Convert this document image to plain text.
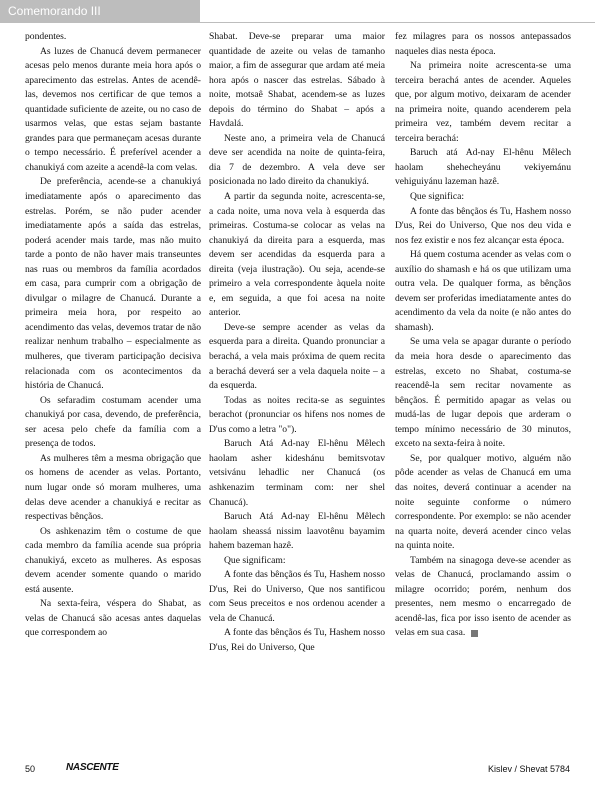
Comemorando III

pondentes.

As luzes de Chanucá devem permanecer acesas pelo menos durante meia hora após o aparecimento das estrelas. Antes de acendê-las, devemos nos certificar de que temos a quantidade suficiente de azeite, ou no caso de usarmos velas, que estas sejam bastante grandes para que permaneçam acesas durante o tempo necessário. É preferível acender a chanukiyá com azeite a acendê-la com velas.

De preferência, acende-se a chanukiyá imediatamente após o aparecimento das estrelas. Porém, se não puder acender imediatamente após a saída das estrelas, poderá acender mais tarde, mas não muito tarde a ponto de não haver mais transeuntes nas ruas ou membros da família acordados em casa, para cumprir com a obrigação de divulgar o milagre de Chanucá. Durante a primeira meia hora, por respeito ao acendimento das velas, devemos tratar de não realizar nenhum trabalho – especialmente as mulheres, que tiveram participação decisiva relacionada com os acontecimentos da história de Chanucá.

Os sefaradim costumam acender uma chanukiyá por casa, devendo, de preferência, ser acesa pelo chefe da família com a presença de todos.

As mulheres têm a mesma obrigação que os homens de acender as velas. Portanto, num lugar onde só moram mulheres, uma delas deve acender a chanukiyá e recitar as respectivas bênçãos.

Os ashkenazim têm o costume de que cada membro da família acende sua própria chanukiyá, exceto as mulheres. As esposas devem acender somente quando o marido está ausente.

Na sexta-feira, véspera do Shabat, as velas de Chanucá são acesas antes daquelas que correspondem ao

Shabat. Deve-se preparar uma maior quantidade de azeite ou velas de tamanho maior, a fim de assegurar que ardam até meia hora após o nascer das estrelas. Sábado à noite, motsaê Shabat, acendem-se as luzes depois do término do Shabat – após a Havdalá.

Neste ano, a primeira vela de Chanucá deve ser acendida na noite de quinta-feira, dia 7 de dezembro. A vela deve ser posicionada no lado direito da chanukiyá.

A partir da segunda noite, acrescenta-se, a cada noite, uma nova vela à esquerda das primeiras. Costuma-se colocar as velas na chanukiyá da direita para a esquerda, mas devem ser acendidas da esquerda para a direita (veja ilustração). Ou seja, acende-se primeiro a vela correspondente àquela noite e, em seguida, a que foi acesa na noite anterior.

Deve-se sempre acender as velas da esquerda para a direita. Quando pronunciar a berachá, a vela mais próxima de quem recita a berachá deverá ser a vela daquela noite – a da esquerda.

Todas as noites recita-se as seguintes berachot (pronunciar os hifens nos nomes de D'us como a letra "o").

Baruch Atá Ad-nay El-hênu Mêlech haolam asher kideshánu bemitsvotav vetsivánu lehadlic ner Chanucá (os ashkenazim terminam com: ner shel Chanucá).

Baruch Atá Ad-nay El-hênu Mêlech haolam sheassá nissim laavotênu bayamim hahem bazeman hazê.

Que significam:

A fonte das bênçãos és Tu, Hashem nosso D'us, Rei do Universo, Que nos santificou com Seus preceitos e nos ordenou acender a vela de Chanucá.

A fonte das bênçãos és Tu, Hashem nosso D'us, Rei do Universo, Que

fez milagres para os nossos antepassados naqueles dias nesta época.

Na primeira noite acrescenta-se uma terceira berachá antes de acender. Aqueles que, por algum motivo, deixaram de acender na primeira noite, quando acenderem pela primeira vez, também devem recitar a terceira berachá:

Baruch atá Ad-nay El-hênu Mêlech haolam shehecheyánu vekiyemánu vehiguiyánu lazeman hazê.

Que significa:

A fonte das bênçãos és Tu, Hashem nosso D'us, Rei do Universo, Que nos deu vida e nos fez existir e nos fez alcançar esta época.

Há quem costuma acender as velas com o auxílio do shamash e há os que utilizam uma outra vela. De qualquer forma, as bênçãos devem ser proferidas imediatamente antes do acendimento da vela da noite (e não antes do shamash).

Se uma vela se apagar durante o período da meia hora desde o aparecimento das estrelas, exceto no Shabat, costuma-se reacendê-la sem recitar novamente as bênçãos. É permitido apagar as velas ou mudá-las de lugar depois que arderam o tempo mínimo necessário de 30 minutos, exceto na sexta-feira à noite.

Se, por qualquer motivo, alguém não pôde acender as velas de Chanucá em uma das noites, deverá continuar a acender na noite seguinte conforme o número correspondente. Por exemplo: se não acender na quarta noite, deverá acender cinco velas na quinta noite.

Também na sinagoga deve-se acender as velas de Chanucá, proclamando assim o milagre ocorrido; porém, nenhum dos presentes, nem mesmo o encarregado de acendê-las, fica por isso isento de acender as velas em sua casa.

50	NASCENTE	Kislev / Shevat 5784
